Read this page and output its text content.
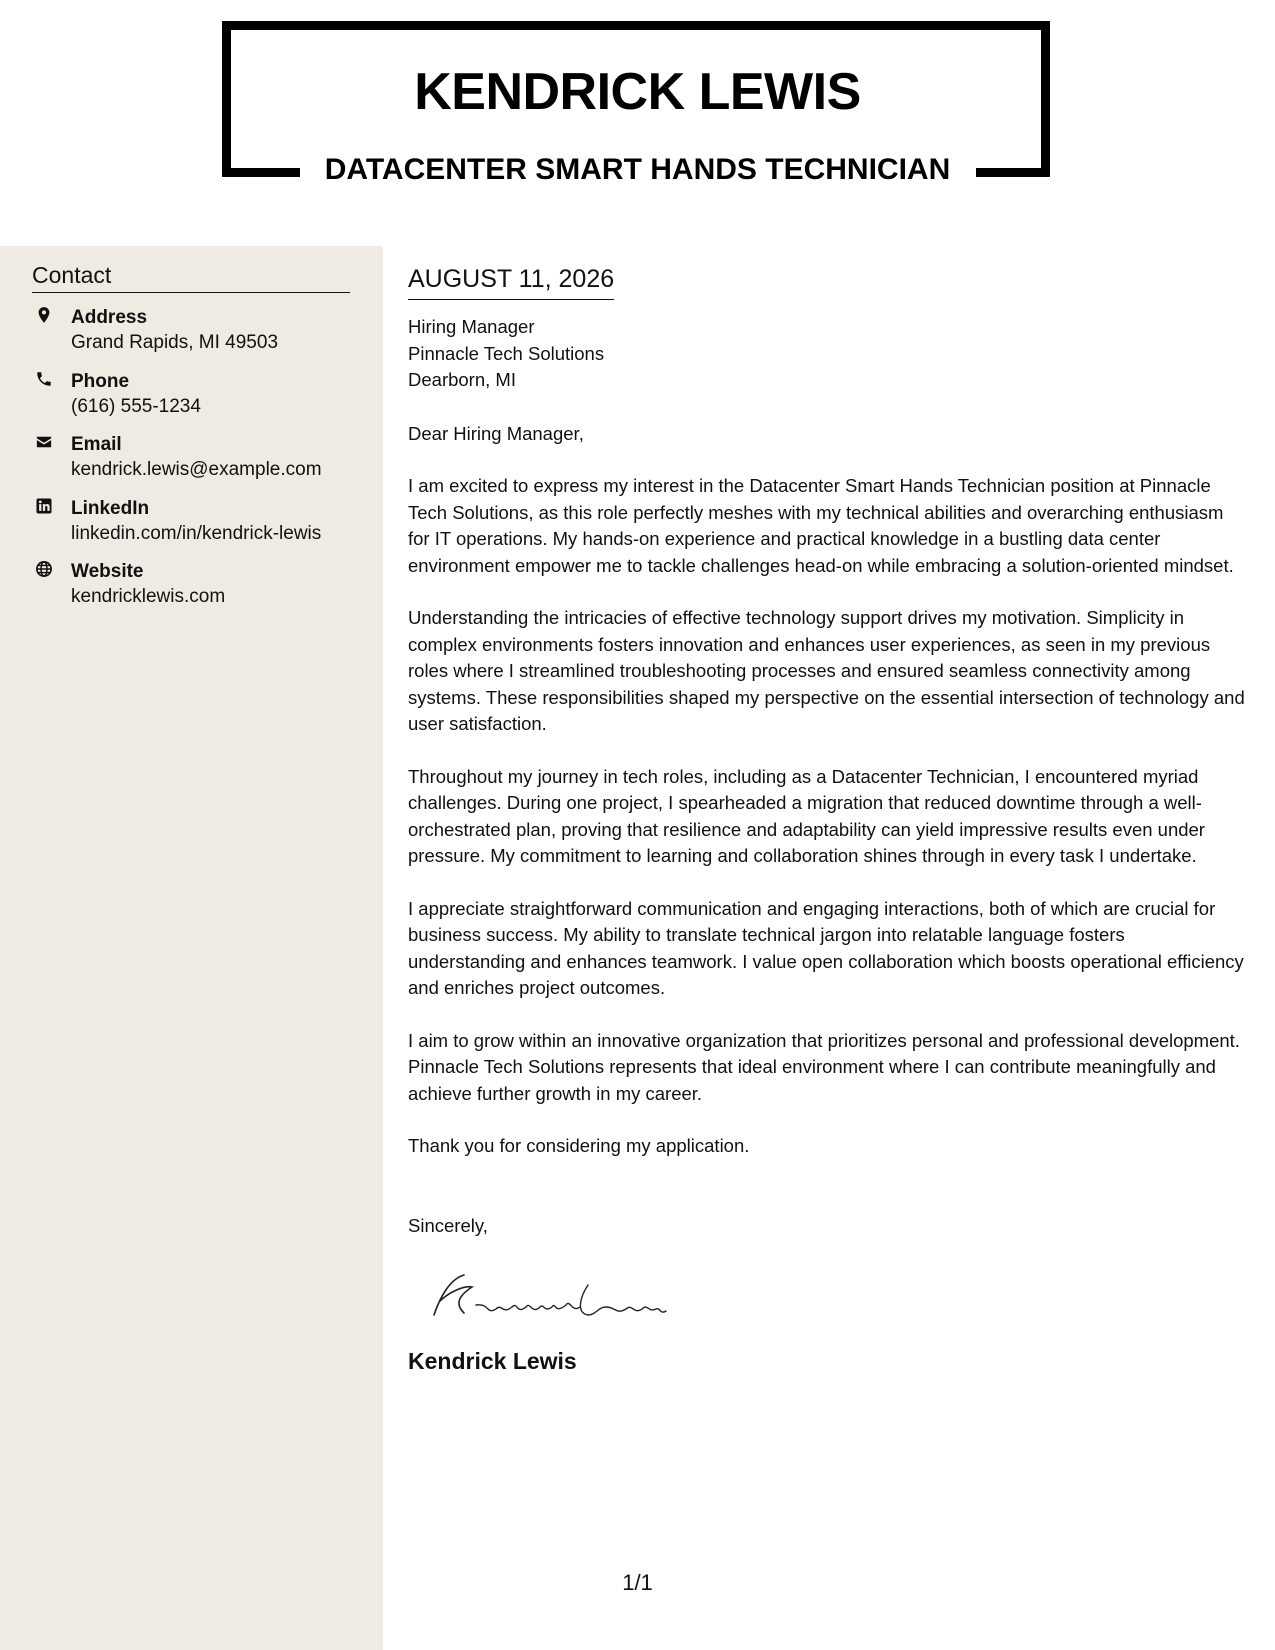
KENDRICK LEWIS
DATACENTER SMART HANDS TECHNICIAN
Contact
Address
Grand Rapids, MI 49503
Phone
(616) 555-1234
Email
kendrick.lewis@example.com
LinkedIn
linkedin.com/in/kendrick-lewis
Website
kendricklewis.com
AUGUST 11, 2026

Hiring Manager

Pinnacle Tech Solutions

Dearborn, MI

Dear Hiring Manager,

I am excited to express my interest in the Datacenter Smart Hands Technician position at Pinnacle Tech Solutions, as this role perfectly meshes with my technical abilities and overarching enthusiasm for IT operations. My hands-on experience and practical knowledge in a bustling data center environment empower me to tackle challenges head-on while embracing a solution-oriented mindset.

Understanding the intricacies of effective technology support drives my motivation. Simplicity in complex environments fosters innovation and enhances user experiences, as seen in my previous roles where I streamlined troubleshooting processes and ensured seamless connectivity among systems. These responsibilities shaped my perspective on the essential intersection of technology and user satisfaction.

Throughout my journey in tech roles, including as a Datacenter Technician, I encountered myriad challenges. During one project, I spearheaded a migration that reduced downtime through a well-orchestrated plan, proving that resilience and adaptability can yield impressive results even under pressure. My commitment to learning and collaboration shines through in every task I undertake.

I appreciate straightforward communication and engaging interactions, both of which are crucial for business success. My ability to translate technical jargon into relatable language fosters understanding and enhances teamwork. I value open collaboration which boosts operational efficiency and enriches project outcomes.

I aim to grow within an innovative organization that prioritizes personal and professional development. Pinnacle Tech Solutions represents that ideal environment where I can contribute meaningfully and achieve further growth in my career.

Thank you for considering my application.

Sincerely,

Kendrick Lewis

1/1
